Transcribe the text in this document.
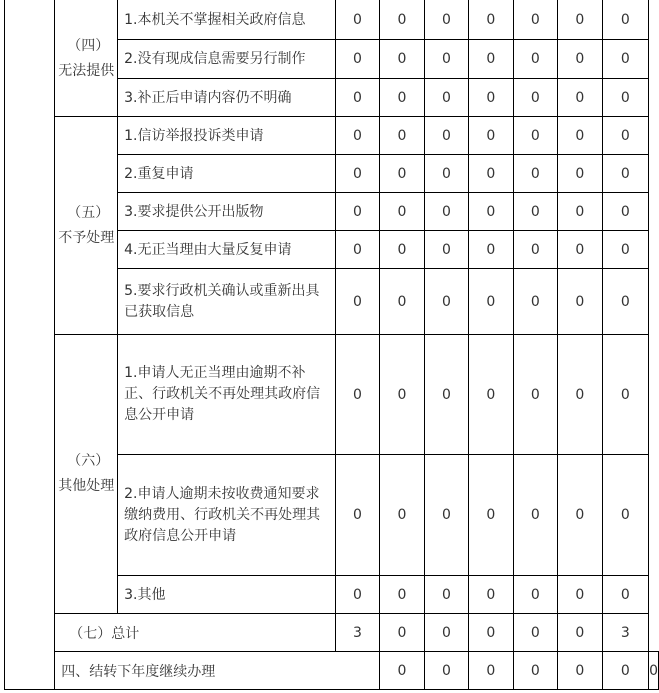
	（四）
无法提供	1.本机关不掌握相关政府信息	0	0	0	0	0	0	0	
		2.没有现成信息需要另行制作	0	0	0	0	0	0	0	
		3.补正后申请内容仍不明确	0	0	0	0	0	0	0	

	（五）
不予处理	1.信访举报投诉类申请	0	0	0	0	0	0	0	
		2.重复申请	0	0	0	0	0	0	0	
		3.要求提供公开出版物	0	0	0	0	0	0	0	
		4.无正当理由大量反复申请	0	0	0	0	0	0	0	
		5.要求行政机关确认或重新出具已获取信息	0	0	0	0	0	0	0	

	（六）
其他处理	1.申请人无正当理由逾期不补正、行政机关不再处理其政府信息公开申请	0	0	0	0	0	0	0	
		2.申请人逾期未按收费通知要求缴纳费用、行政机关不再处理其政府信息公开申请	0	0	0	0	0	0	0	
		3.其他	0	0	0	0	0	0	0	
	（七）总计		3	0	0	0	0	0	3	
	四、结转下年度继续办理			0	0	0	0	0	0	0
